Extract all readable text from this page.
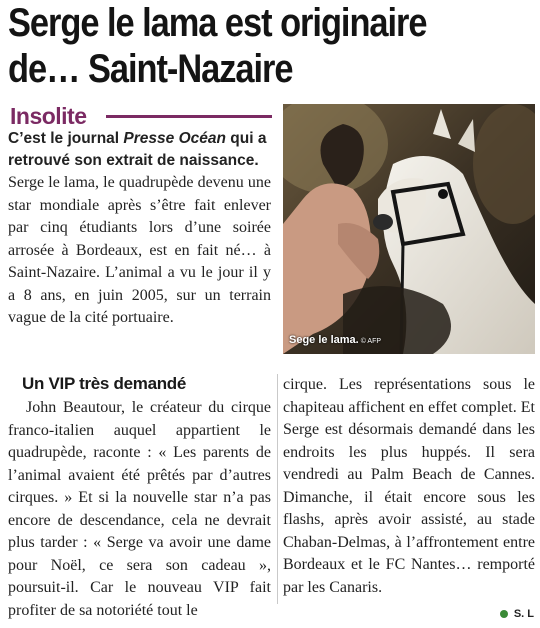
Serge le lama est originaire
de… Saint-Nazaire
Insolite
C’est le journal Presse Océan qui a retrouvé son extrait de naissance.
Serge le lama, le quadrupède devenu une star mondiale après s’être fait enlever par cinq étudiants lors d’une soirée arrosée à Bordeaux, est en fait né… à Saint-Nazaire. L’animal a vu le jour il y a 8 ans, en juin 2005, sur un terrain vague de la cité portuaire.
Sege le lama. © AFP
Un VIP très demandé
John Beautour, le créateur du cirque franco-italien auquel appartient le quadrupède, raconte : « Les parents de l’animal avaient été prêtés par d’autres cirques. » Et si la nouvelle star n’a pas encore de descendance, cela ne devrait plus tarder : « Serge va avoir une dame pour Noël, ce sera son cadeau », poursuit-il. Car le nouveau VIP fait profiter de sa notoriété tout le
cirque. Les représentations sous le chapiteau affichent en effet complet. Et Serge est désormais demandé dans les endroits les plus huppés. Il sera vendredi au Palm Beach de Cannes. Dimanche, il était encore sous les flashs, après avoir assisté, au stade Chaban-Delmas, à l’affrontement entre Bordeaux et le FC Nantes… remporté par les Canaris.
S. L
